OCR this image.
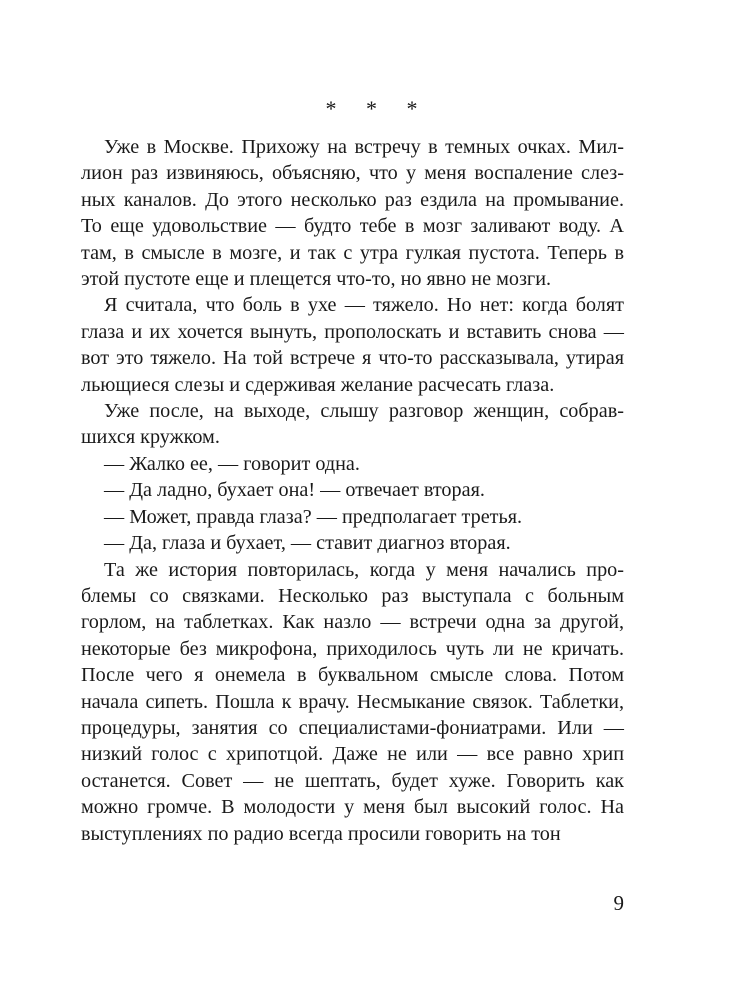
* * *

Уже в Москве. Прихожу на встречу в темных очках. Миллион раз извиняюсь, объясняю, что у меня воспаление слезных каналов. До этого несколько раз ездила на промывание. То еще удовольствие — будто тебе в мозг заливают воду. А там, в смысле в мозге, и так с утра гулкая пустота. Теперь в этой пустоте еще и плещется что-то, но явно не мозги.

Я считала, что боль в ухе — тяжело. Но нет: когда болят глаза и их хочется вынуть, прополоскать и вставить снова — вот это тяжело. На той встрече я что-то рассказывала, утирая льющиеся слезы и сдерживая желание расчесать глаза.

Уже после, на выходе, слышу разговор женщин, собравшихся кружком.

— Жалко ее, — говорит одна.

— Да ладно, бухает она! — отвечает вторая.

— Может, правда глаза? — предполагает третья.

— Да, глаза и бухает, — ставит диагноз вторая.

Та же история повторилась, когда у меня начались проблемы со связками. Несколько раз выступала с больным горлом, на таблетках. Как назло — встречи одна за другой, некоторые без микрофона, приходилось чуть ли не кричать. После чего я онемела в буквальном смысле слова. Потом начала сипеть. Пошла к врачу. Несмыкание связок. Таблетки, процедуры, занятия со специалистами-фониатрами. Или — низкий голос с хрипотцой. Даже не или — все равно хрип останется. Совет — не шептать, будет хуже. Говорить как можно громче. В молодости у меня был высокий голос. На выступлениях по радио всегда просили говорить на тон

9
